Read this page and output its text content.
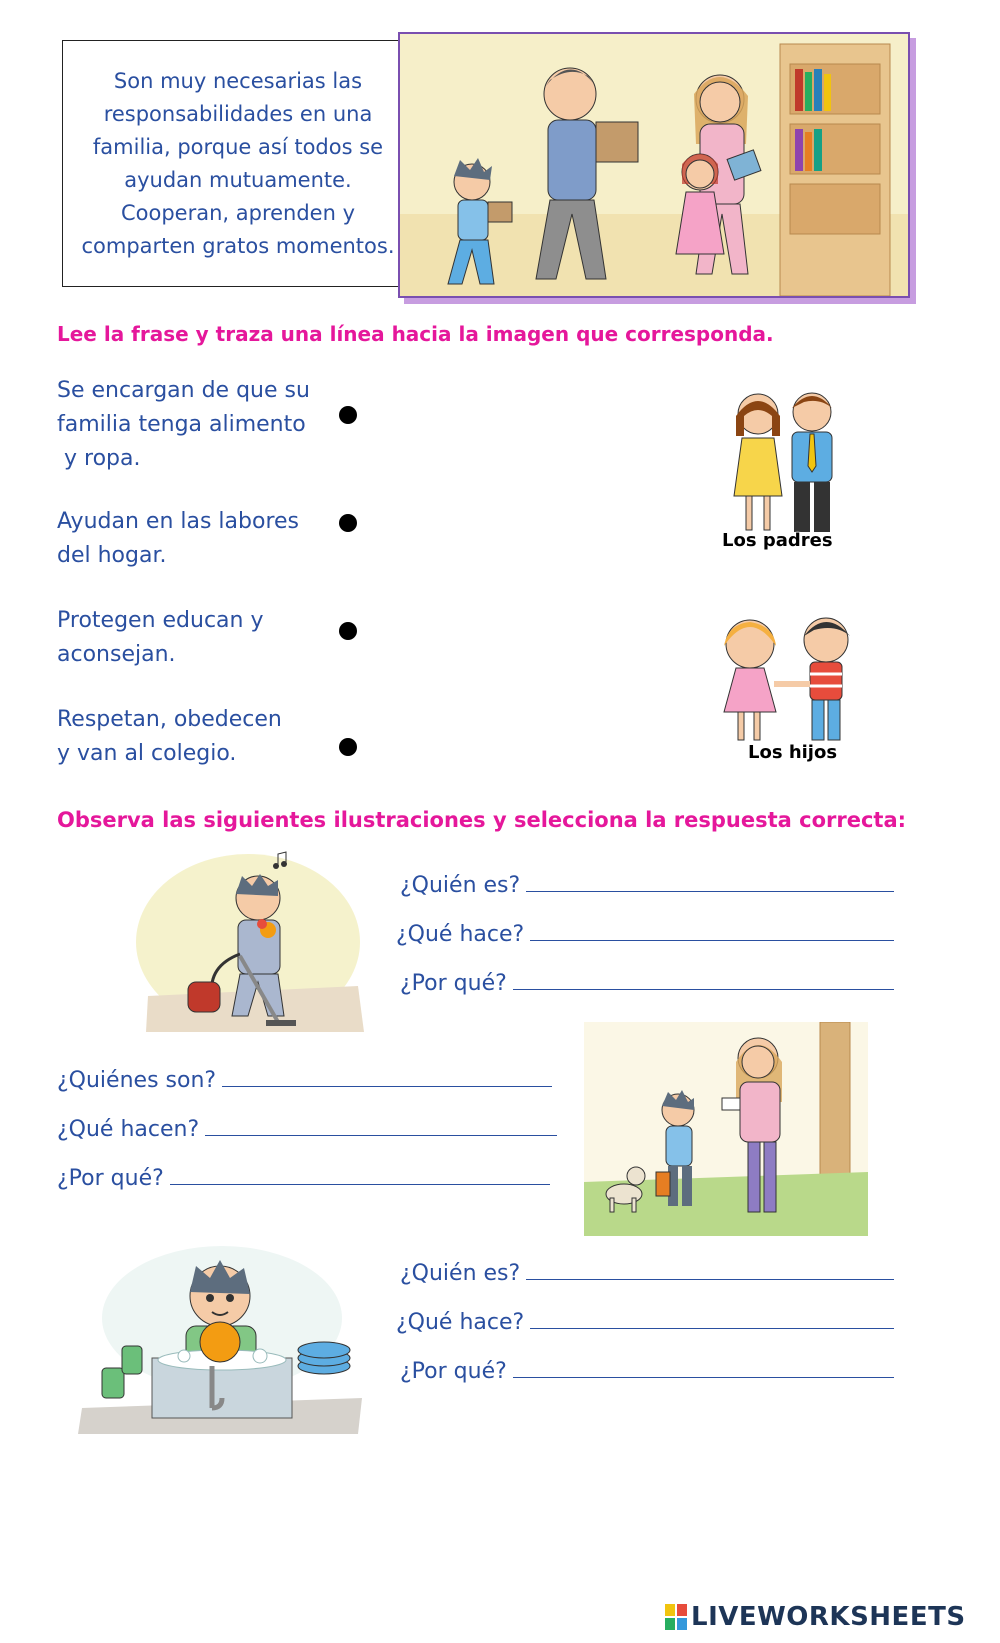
Son muy necesarias las responsabilidades en una familia, porque así todos se ayudan mutuamente. Cooperan, aprenden y comparten gratos momentos.

Lee la frase y traza una línea hacia la imagen que corresponda.

Se encargan de que su

familia tenga alimento

y ropa.

Ayudan en las labores

del hogar.

Protegen educan y

aconsejan.

Respetan, obedecen

y van al colegio.

Los padres
Los hijos

Observa las siguientes ilustraciones y selecciona la respuesta correcta:

¿Quién es?
¿Qué hace?
¿Por qué?
¿Quiénes son?
¿Qué hacen?
¿Por qué?
¿Quién es?
¿Qué hace?
¿Por qué?
LIVEWORKSHEETS
